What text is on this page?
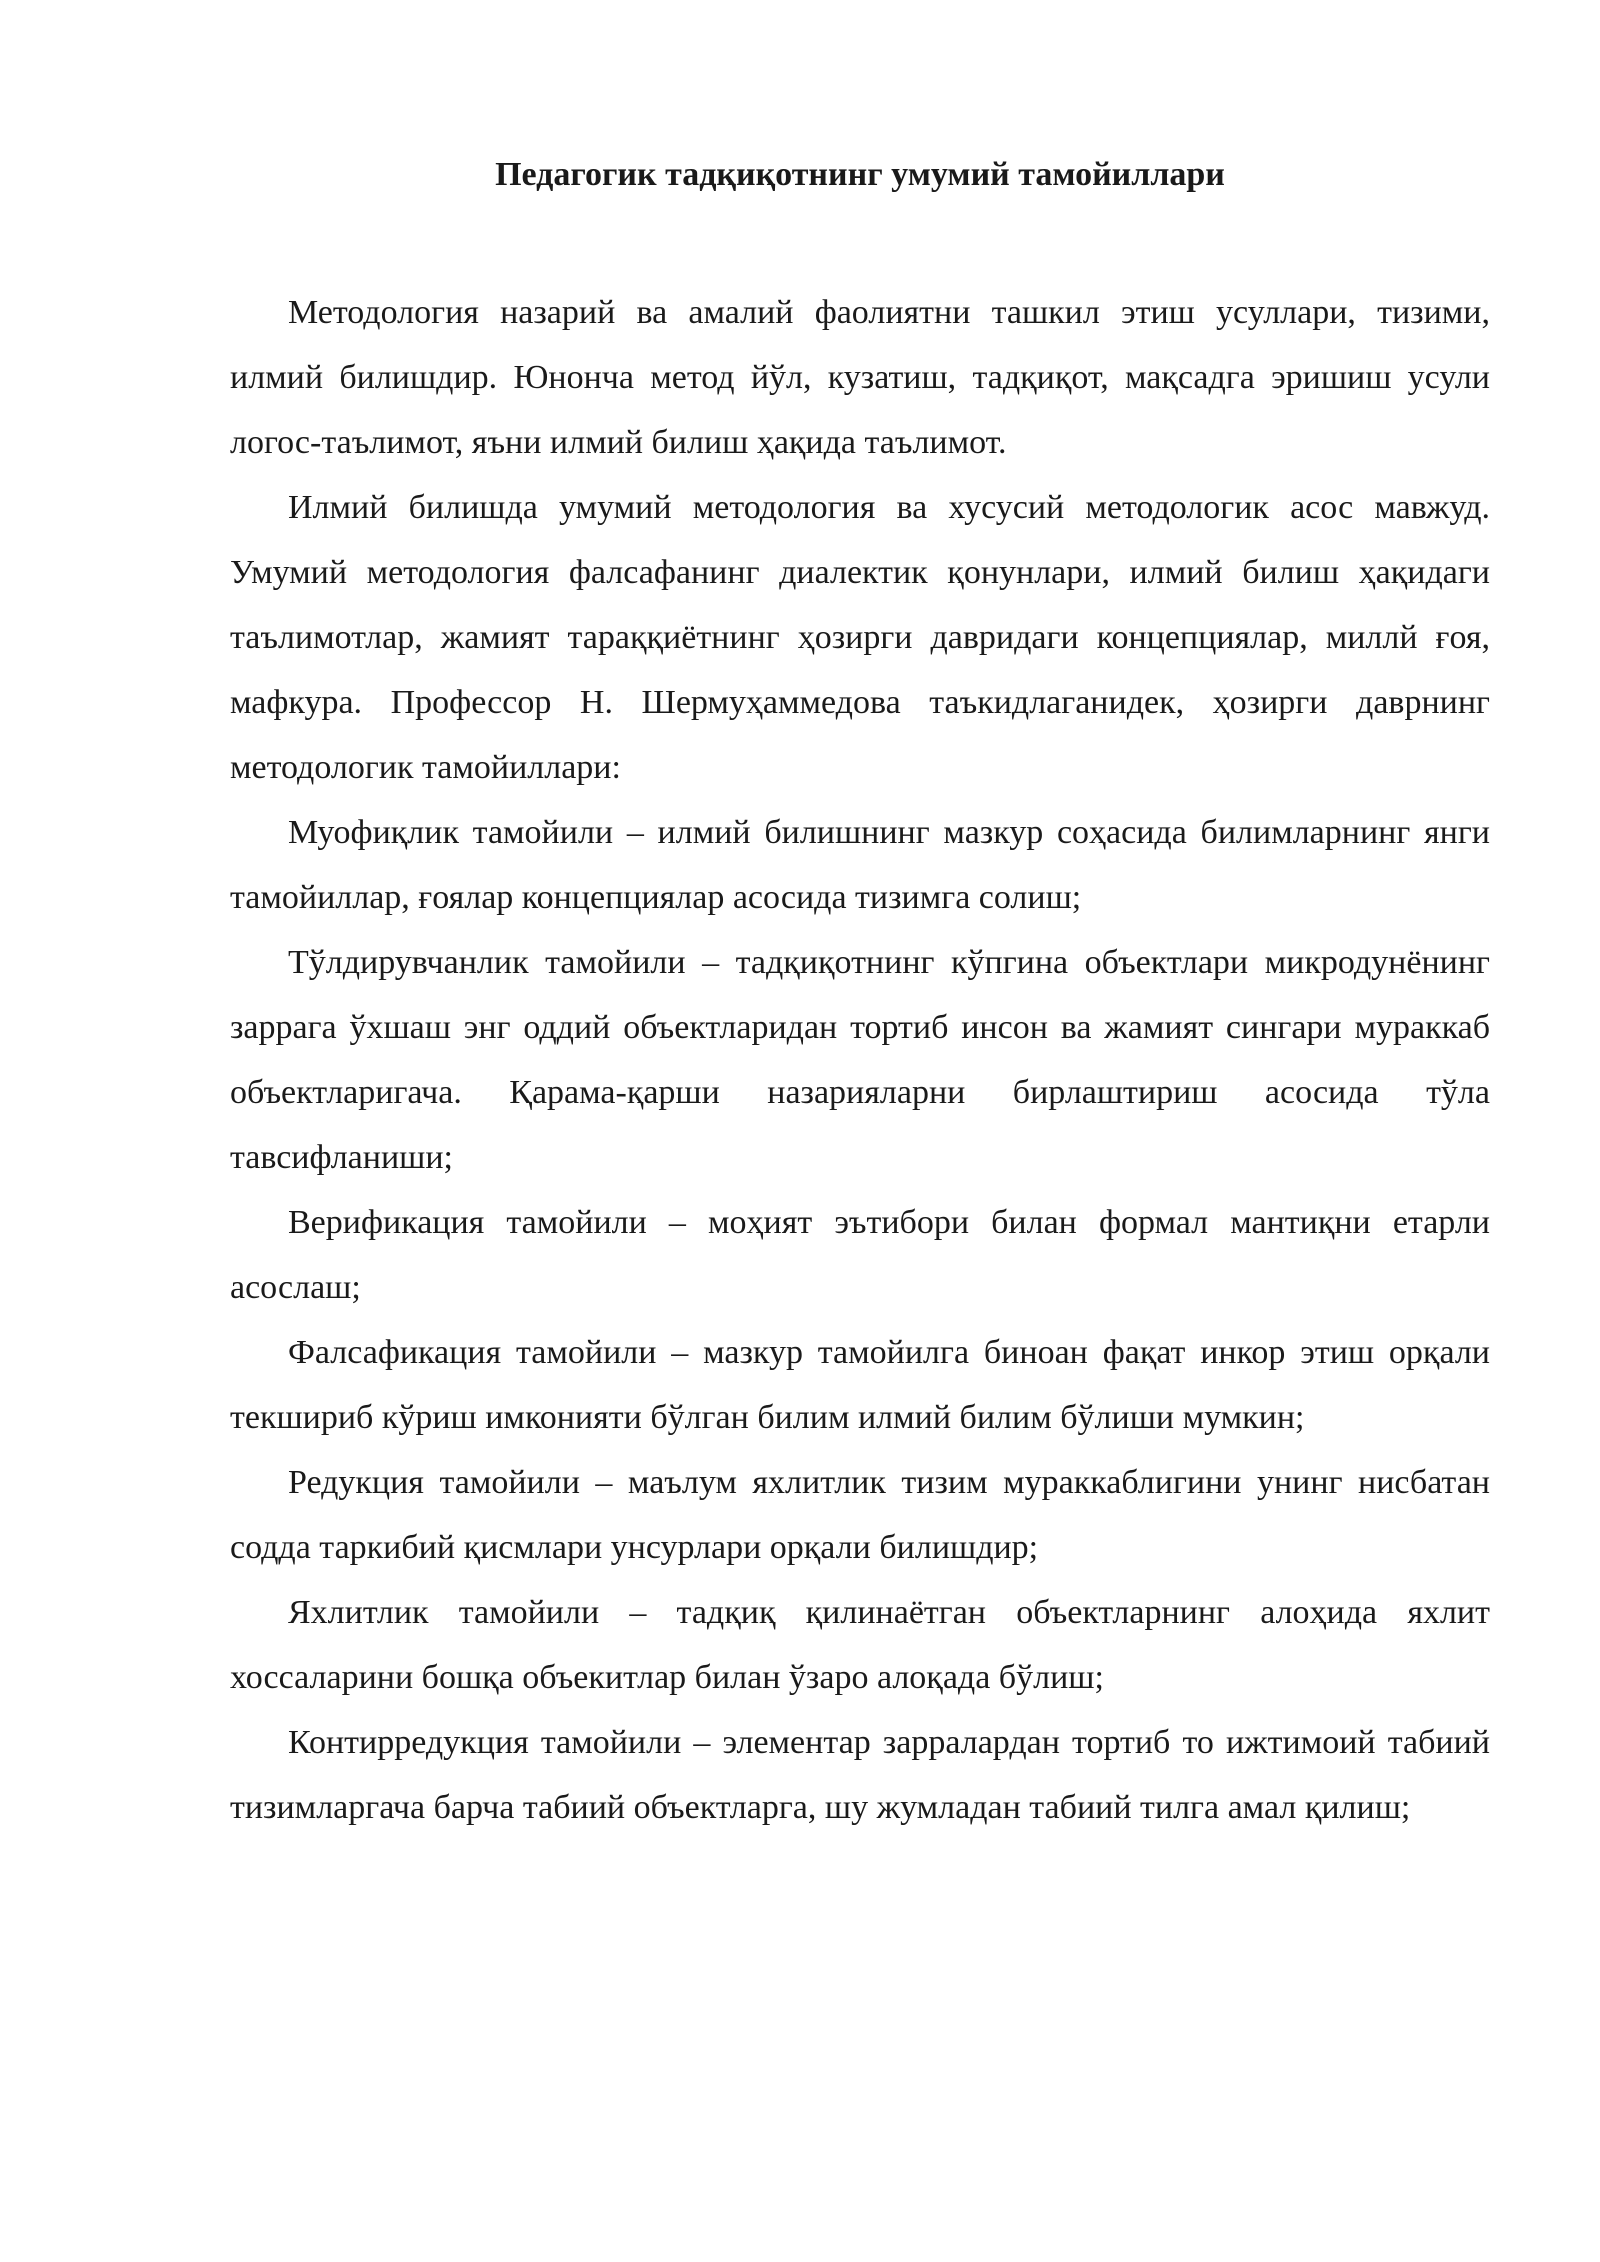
Педагогик тадқиқотнинг умумий тамойиллари

Методология назарий ва амалий фаолиятни ташкил этиш усуллари, тизими, илмий билишдир. Юнонча метод йўл, кузатиш, тадқиқот, мақсадга эришиш усули логос-таълимот, яъни илмий билиш ҳақида таълимот.

Илмий билишда умумий методология ва хусусий методологик асос мавжуд. Умумий методология фалсафанинг диалектик қонунлари, илмий билиш ҳақидаги таълимотлар, жамият тараққиётнинг ҳозирги давридаги концепциялар, миллй ғоя, мафкура. Профессор Н. Шермуҳаммедова таъкидлаганидек, ҳозирги даврнинг методологик тамойиллари:

Муофиқлик тамойили – илмий билишнинг мазкур соҳасида билимларнинг янги тамойиллар, ғоялар концепциялар асосида тизимга солиш;

Тўлдирувчанлик тамойили – тадқиқотнинг кўпгина объектлари микродунёнинг заррага ўхшаш энг оддий объектларидан тортиб инсон ва жамият сингари мураккаб объектларигача. Қарама-қарши назарияларни бирлаштириш асосида тўла тавсифланиши;

Верификация тамойили – моҳият эътибори билан формал мантиқни етарли асослаш;

Фалсафикация тамойили – мазкур тамойилга биноан фақат инкор этиш орқали текшириб кўриш имконияти бўлган билим илмий билим бўлиши мумкин;

Редукция тамойили – маълум яхлитлик тизим мураккаблигини унинг нисбатан содда таркибий қисмлари унсурлари орқали билишдир;

Яхлитлик тамойили – тадқиқ қилинаётган объектларнинг алоҳида яхлит хоссаларини бошқа объекитлар билан ўзаро алоқада бўлиш;

Контирредукция тамойили – элементар зарралардан тортиб то ижтимоий табиий тизимларгача барча табиий объектларга, шу жумладан табиий тилга амал қилиш;
